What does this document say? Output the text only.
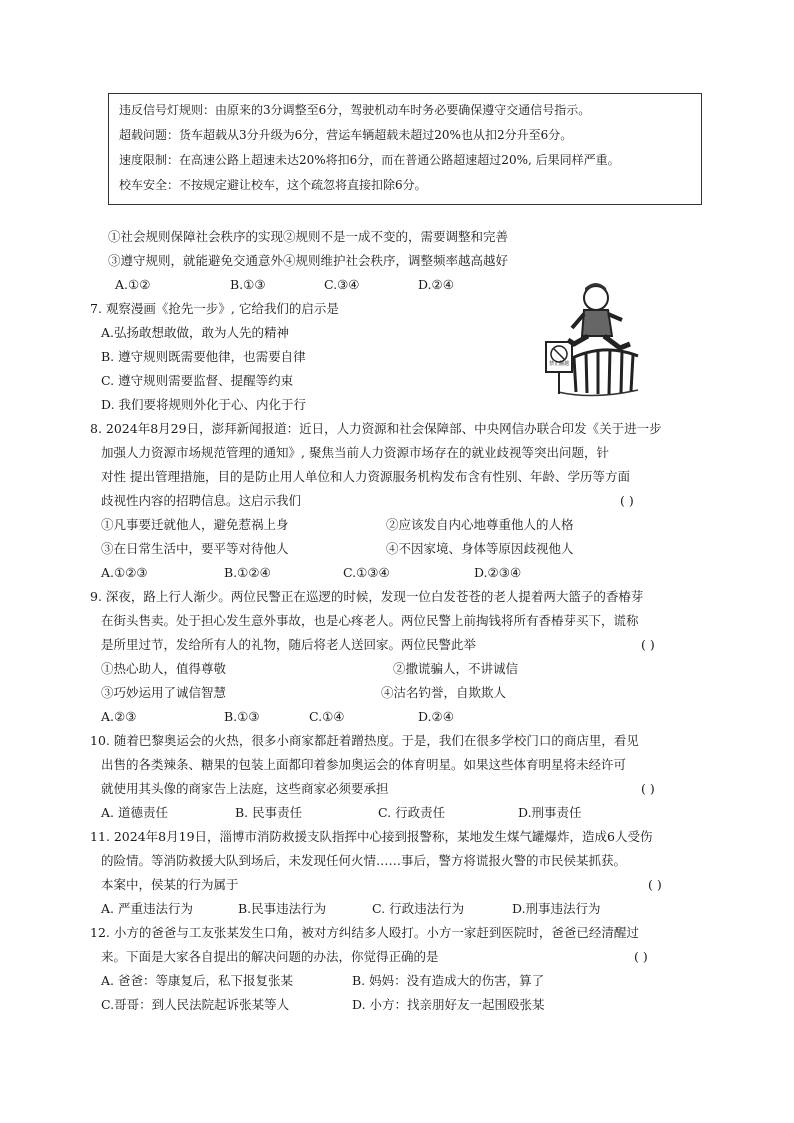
违反信号灯规则：由原来的3分调整至6分，驾驶机动车时务必要确保遵守交通信号指示。
超载问题：货车超载从3分升级为6分，营运车辆超载未超过20%也从扣2分升至6分。
速度限制：在高速公路上超速未达20%将扣6分，而在普通公路超速超过20%, 后果同样严重。
校车安全：不按规定避让校车，这个疏忽将直接扣除6分。
①社会规则保障社会秩序的实现②规则不是一成不变的，需要调整和完善
③遵守规则，就能避免交通意外④规则维护社会秩序，调整频率越高越好
A.①②	B.①③	C.③④	D.②④
7. 观察漫画《抢先一步》, 它给我们的启示是
A.弘扬敢想敢做，敢为人先的精神
B. 遵守规则既需要他律，也需要自律
C. 遵守规则需要监督、提醒等约束
D. 我们要将规则外化于心、内化于行
禁止翻越
8. 2024年8月29日，澎拜新闻报道：近日，人力资源和社会保障部、中央网信办联合印发《关于进一步
加强人力资源市场规范管理的通知》, 聚焦当前人力资源市场存在的就业歧视等突出问题，针
对性 提出管理措施，目的是防止用人单位和人力资源服务机构发布含有性别、年龄、学历等方面
歧视性内容的招聘信息。这启示我们	( )
①凡事要迁就他人，避免惹祸上身	②应该发自内心地尊重他人的人格
③在日常生活中，要平等对待他人	④不因家境、身体等原因歧视他人
A.①②③	B.①②④	C.①③④	D.②③④
9. 深夜，路上行人渐少。两位民警正在巡逻的时候，发现一位白发苍苍的老人提着两大篮子的香椿芽
在街头售卖。处于担心发生意外事故，也是心疼老人。两位民警上前掏钱将所有香椿芽买下，谎称
是所里过节，发给所有人的礼物，随后将老人送回家。两位民警此举	( )
①热心助人，值得尊敬	②撒谎骗人，不讲诚信
③巧妙运用了诚信智慧	④沽名钓誉，自欺欺人
A.②③	B.①③	C.①④	D.②④
10. 随着巴黎奥运会的火热，很多小商家都赶着蹭热度。于是，我们在很多学校门口的商店里，看见
出售的各类辣条、糖果的包装上面都印着参加奥运会的体育明星。如果这些体育明星将未经许可
就使用其头像的商家告上法庭，这些商家必须要承担	( )
A. 道德责任	B. 民事责任	C. 行政责任	D.刑事责任
11. 2024年8月19日，淄博市消防救援支队指挥中心接到报警称，某地发生煤气罐爆炸，造成6人受伤
的险情。等消防救援大队到场后，未发现任何火情……事后，警方将谎报火警的市民侯某抓获。
本案中，侯某的行为属于	( )
A. 严重违法行为	B.民事违法行为	C. 行政违法行为	D.刑事违法行为
12. 小方的爸爸与工友张某发生口角，被对方纠结多人殴打。小方一家赶到医院时，爸爸已经清醒过
来。下面是大家各自提出的解决问题的办法，你觉得正确的是	( )
A. 爸爸：等康复后，私下报复张某	B. 妈妈：没有造成大的伤害，算了
C.哥哥：到人民法院起诉张某等人	D. 小方：找亲朋好友一起围殴张某
